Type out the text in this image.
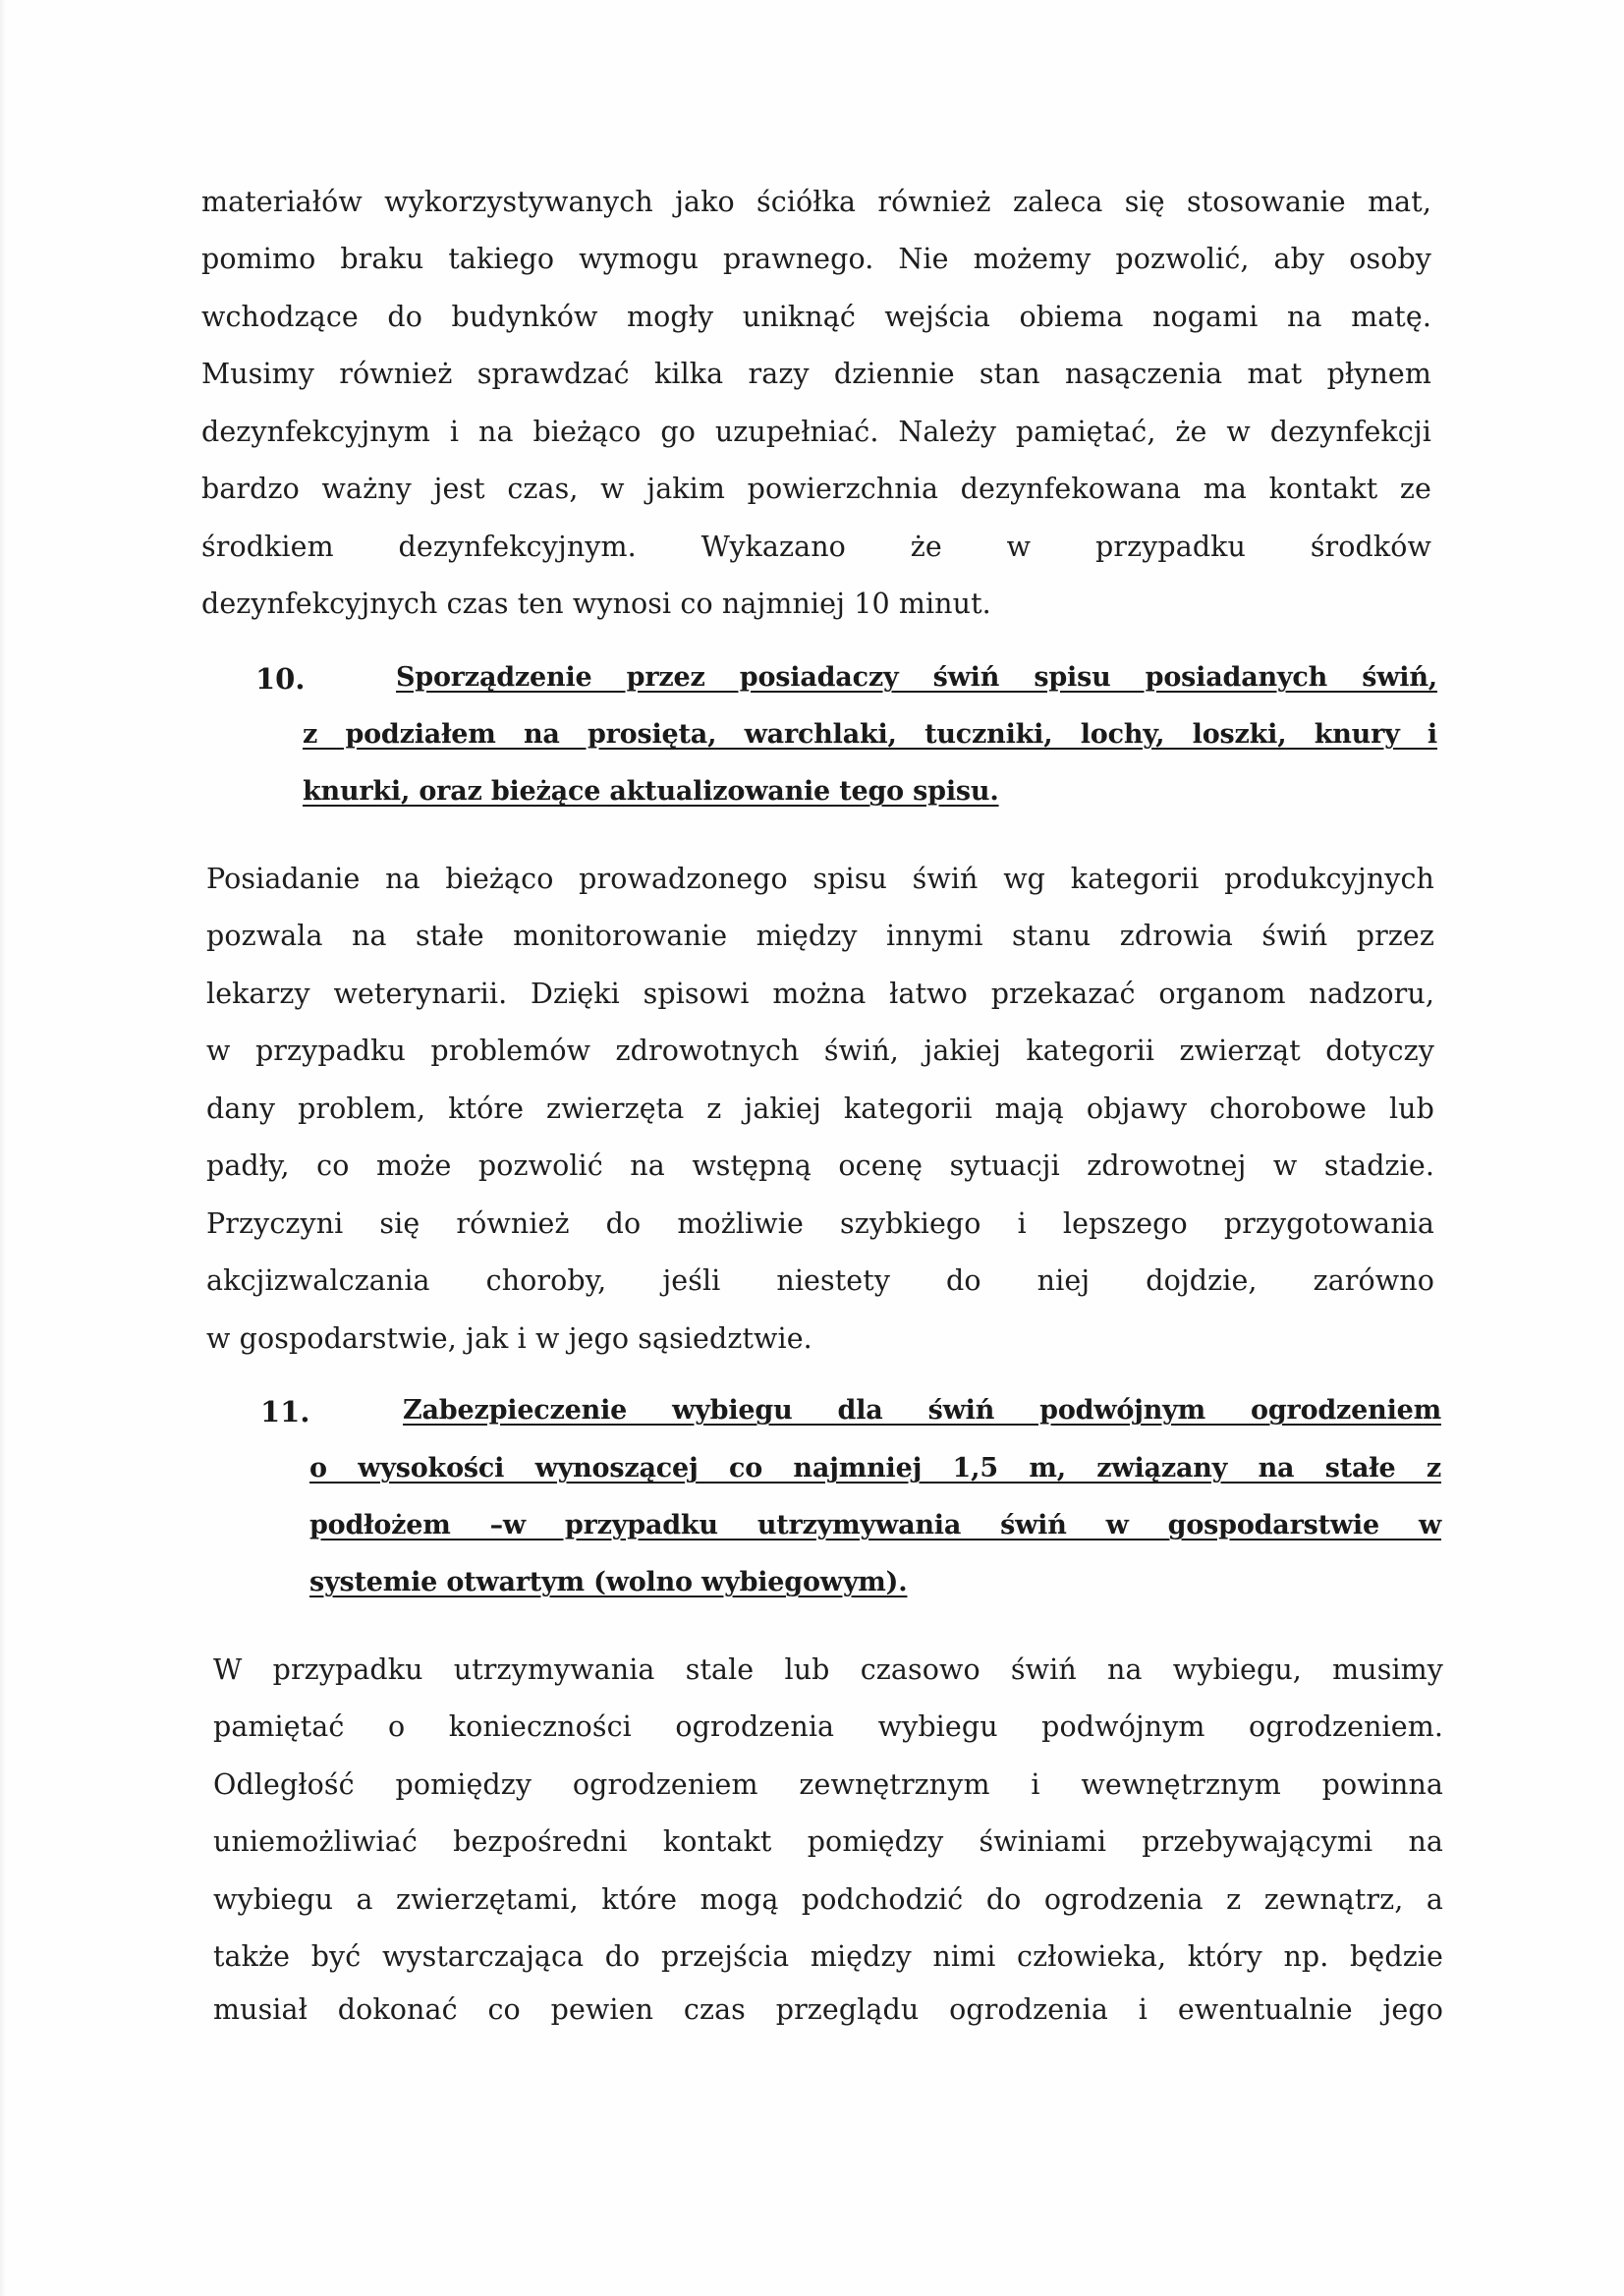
materiałów wykorzystywanych jako ściółka również zaleca się stosowanie mat,
pomimo braku takiego wymogu prawnego. Nie możemy pozwolić, aby osoby
wchodzące do budynków mogły uniknąć wejścia obiema nogami na matę.
Musimy również sprawdzać kilka razy dziennie stan nasączenia mat płynem
dezynfekcyjnym i na bieżąco go uzupełniać. Należy pamiętać, że w dezynfekcji
bardzo ważny jest czas, w jakim powierzchnia dezynfekowana ma kontakt ze
środkiem dezynfekcyjnym. Wykazano że w przypadku środków
dezynfekcyjnych czas ten wynosi co najmniej 10 minut.
10.	Sporządzenie przez posiadaczy świń spisu posiadanych świń,
z podziałem na prosięta, warchlaki, tuczniki, lochy, loszki, knury i
knurki, oraz bieżące aktualizowanie tego spisu.
Posiadanie na bieżąco prowadzonego spisu świń wg kategorii produkcyjnych
pozwala na stałe monitorowanie między innymi stanu zdrowia świń przez
lekarzy weterynarii. Dzięki spisowi można łatwo przekazać organom nadzoru,
w przypadku problemów zdrowotnych świń, jakiej kategorii zwierząt dotyczy
dany problem, które zwierzęta z jakiej kategorii mają objawy chorobowe lub
padły, co może pozwolić na wstępną ocenę sytuacji zdrowotnej w stadzie.
Przyczyni się również do możliwie szybkiego i lepszego przygotowania
akcjizwalczania choroby, jeśli niestety do niej dojdzie, zarówno
w gospodarstwie, jak i w jego sąsiedztwie.
11.	Zabezpieczenie wybiegu dla świń podwójnym ogrodzeniem
o wysokości wynoszącej co najmniej 1,5 m, związany na stałe z
podłożem –w przypadku utrzymywania świń w gospodarstwie w
systemie otwartym (wolno wybiegowym).
W przypadku utrzymywania stale lub czasowo świń na wybiegu, musimy
pamiętać o konieczności ogrodzenia wybiegu podwójnym ogrodzeniem.
Odległość pomiędzy ogrodzeniem zewnętrznym i wewnętrznym powinna
uniemożliwiać bezpośredni kontakt pomiędzy świniami przebywającymi na
wybiegu a zwierzętami, które mogą podchodzić do ogrodzenia z zewnątrz, a
także być wystarczająca do przejścia między nimi człowieka, który np. będzie
musiał dokonać co pewien czas przeglądu ogrodzenia i ewentualnie jego
